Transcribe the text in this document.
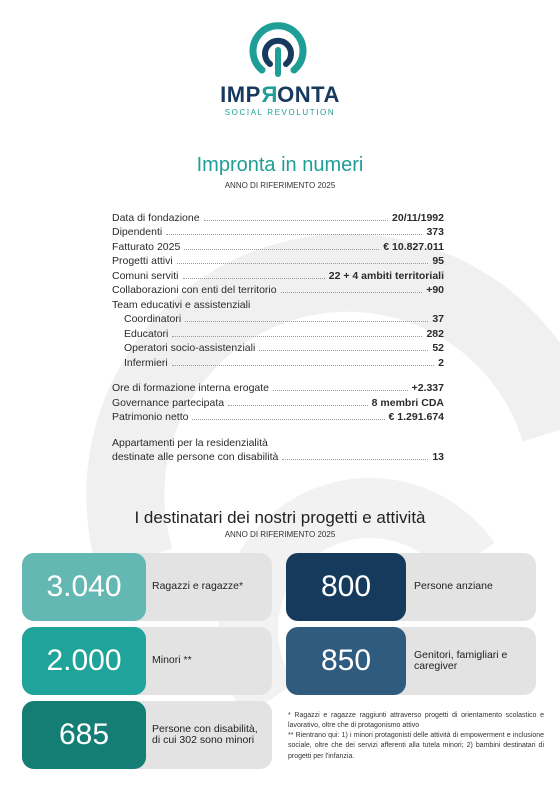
IMPRONTA
SOCIAL REVOLUTION
Impronta in numeri
ANNO DI RIFERIMENTO 2025
Data di fondazione	20/11/1992
Dipendenti	373
Fatturato 2025	€ 10.827.011
Progetti attivi	95
Comuni serviti	22 + 4 ambiti territoriali
Collaborazioni con enti del territorio	+90
Team educativi e assistenziali
Coordinatori	37
Educatori	282
Operatori socio-assistenziali	52
Infermieri	2
Ore di formazione interna erogate	+2.337
Governance partecipata	8 membri CDA
Patrimonio netto	€ 1.291.674
Appartamenti per la residenzialità
destinate alle persone con disabilità	13
I destinatari dei nostri progetti e attività
ANNO DI RIFERIMENTO 2025
3.040	Ragazzi e ragazze*
2.000	Minori **
685	Persone con disabilità, di cui 302 sono minori
800	Persone anziane
850	Genitori, famigliari e caregiver

* Ragazzi e ragazze raggiunti attraverso progetti di orientamento scolastico e lavorativo, oltre che di protagonismo attivo

** Rientrano qui: 1) i minori protagonisti delle attività di empowerment e inclusione sociale, oltre che dei servizi afferenti alla tutela minori; 2) bambini destinatari di progetti per l'infanzia.
